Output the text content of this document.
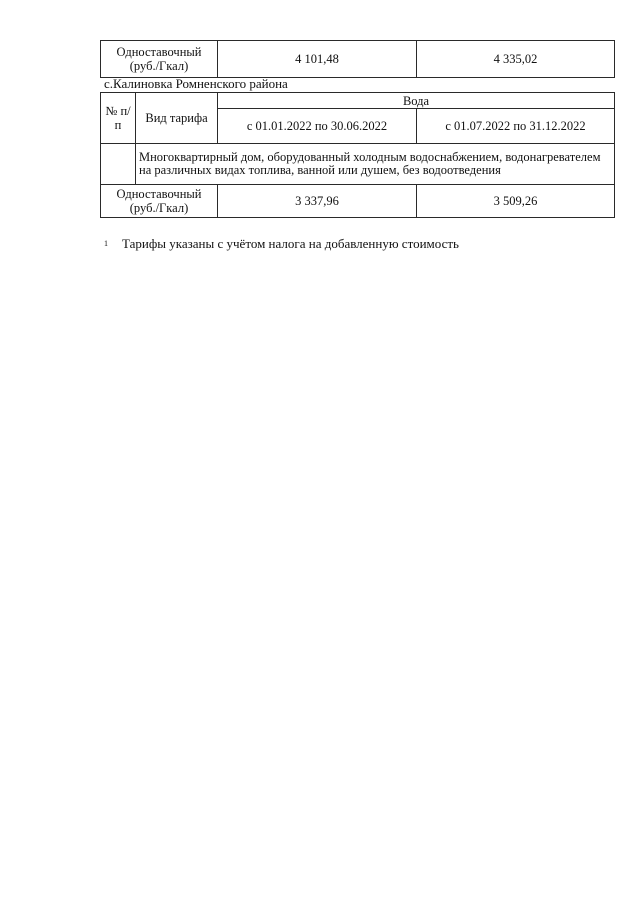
Одноставочный (руб./Гкал)	4 101,48	4 335,02
с.Калиновка Ромненского района
№ п/п	Вид тарифа	Вода	
		с 01.01.2022 по 30.06.2022	с 01.07.2022 по 31.12.2022
	Многоквартирный дом, оборудованный холодным водоснабжением, водонагревателем на различных видах топлива, ванной или душем, без водоотведения		
Одноставочный (руб./Гкал)		3 337,96	3 509,26
$^1$ Тарифы указаны с учётом налога на добавленную стоимость
